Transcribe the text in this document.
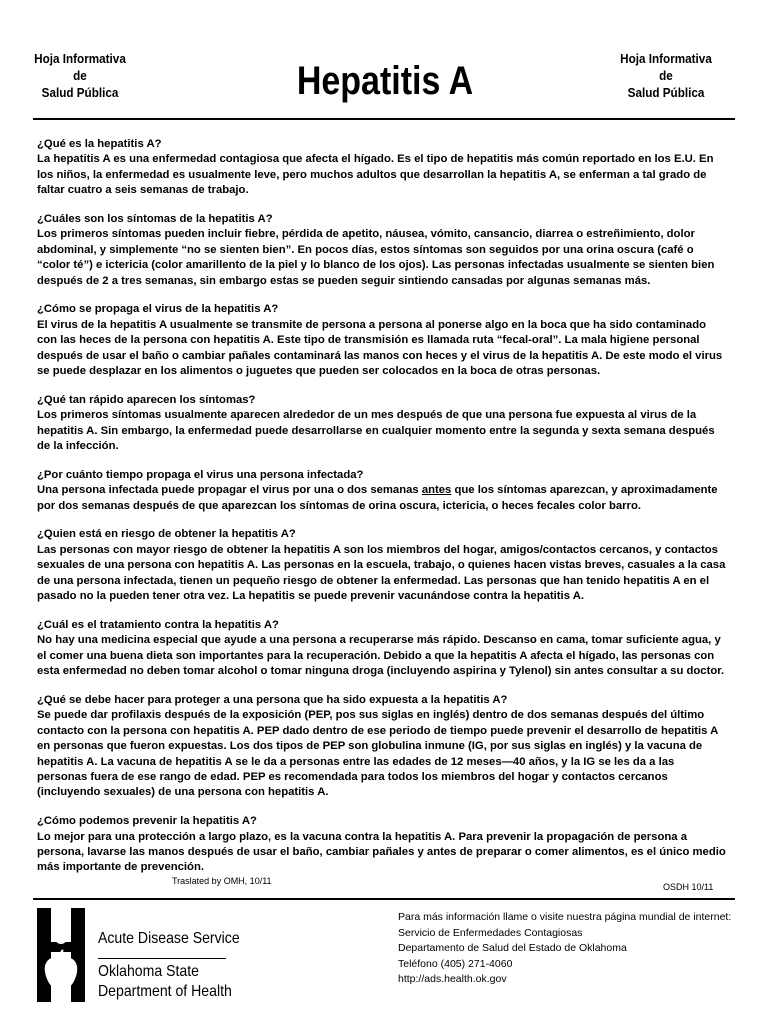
Hoja Informativa de
Salud Pública	Hepatitis A
Hoja Informativa de
Salud Pública
¿Qué es la hepatitis A?

La hepatitis A es una enfermedad contagiosa que afecta el hígado. Es el tipo de hepatitis más común reportado en los E.U. En los niños, la enfermedad es usualmente leve, pero muchos adultos que desarrollan la hepatitis A, se enferman a tal grado de faltar cuatro a seis semanas de trabajo.

¿Cuáles son los síntomas de la hepatitis A?

Los primeros síntomas pueden incluir fiebre, pérdida de apetito, náusea, vómito, cansancio, diarrea o estreñimiento, dolor abdominal, y simplemente “no se sienten bien”. En pocos días, estos síntomas son seguidos por una orina oscura (café o “color té”) e ictericia (color amarillento de la piel y lo blanco de los ojos). Las personas infectadas usualmente se sienten bien después de 2 a tres semanas, sin embargo estas se pueden seguir sintiendo cansadas por algunas semanas más.

¿Cómo se propaga el virus de la hepatitis A?

El virus de la hepatitis A usualmente se transmite de persona a persona al ponerse algo en la boca que ha sido contaminado con las heces de la persona con hepatitis A. Este tipo de transmisión es llamada ruta “fecal-oral”. La mala higiene personal después de usar el baño o cambiar pañales contaminará las manos con heces y el virus de la hepatitis A. De este modo el virus se puede desplazar en los alimentos o juguetes que pueden ser colocados en la boca de otras personas.

¿Qué tan rápido aparecen los síntomas?

Los primeros síntomas usualmente aparecen alrededor de un mes después de que una persona fue expuesta al virus de la hepatitis A. Sin embargo, la enfermedad puede desarrollarse en cualquier momento entre la segunda y sexta semana después de la infección.

¿Por cuánto tiempo propaga el virus una persona infectada?

Una persona infectada puede propagar el virus por una o dos semanas antes que los síntomas aparezcan, y aproximadamente por dos semanas después de que aparezcan los síntomas de orina oscura, ictericia, o heces fecales color barro.

¿Quien está en riesgo de obtener la hepatitis A?

Las personas con mayor riesgo de obtener la hepatitis A son los miembros del hogar, amigos/contactos cercanos, y contactos sexuales de una persona con hepatitis A. Las personas en la escuela, trabajo, o quienes hacen vistas breves, casuales a la casa de una persona infectada, tienen un pequeño riesgo de obtener la enfermedad. Las personas que han tenido hepatitis A en el pasado no la pueden tener otra vez. La hepatitis se puede prevenir vacunándose contra la hepatitis A.

¿Cuál es el tratamiento contra la hepatitis A?

No hay una medicina especial que ayude a una persona a recuperarse más rápido. Descanso en cama, tomar suficiente agua, y el comer una buena dieta son importantes para la recuperación. Debido a que la hepatitis A afecta el hígado, las personas con esta enfermedad no deben tomar alcohol o tomar ninguna droga (incluyendo aspirina y Tylenol) sin antes consultar a su doctor.

¿Qué se debe hacer para proteger a una persona que ha sido expuesta a la hepatitis A?

Se puede dar profilaxis después de la exposición (PEP, pos sus siglas en inglés) dentro de dos semanas después del último contacto con la persona con hepatitis A. PEP dado dentro de ese periodo de tiempo puede prevenir el desarrollo de hepatitis A en personas que fueron expuestas. Los dos tipos de PEP son globulina inmune (IG, por sus siglas en inglés) y la vacuna de hepatitis A. La vacuna de hepatitis A se le da a personas entre las edades de 12 meses—40 años, y la IG se les da a las personas fuera de ese rango de edad. PEP es recomendada para todos los miembros del hogar y contactos cercanos (incluyendo sexuales) de una persona con hepatitis A.

¿Cómo podemos prevenir la hepatitis A?

Lo mejor para una protección a largo plazo, es la vacuna contra la hepatitis A. Para prevenir la propagación de persona a persona, lavarse las manos después de usar el baño, cambiar pañales y antes de preparar o comer alimentos, es el único medio más importante de prevención.

Traslated by OMH, 10/11
OSDH 10/11
Acute Disease Service
Oklahoma State
Department of Health
Para más información llame o visite nuestra página mundial de internet:
Servicio de Enfermedades Contagiosas
Departamento de Salud del Estado de Oklahoma
Teléfono (405) 271-4060
http://ads.health.ok.gov
